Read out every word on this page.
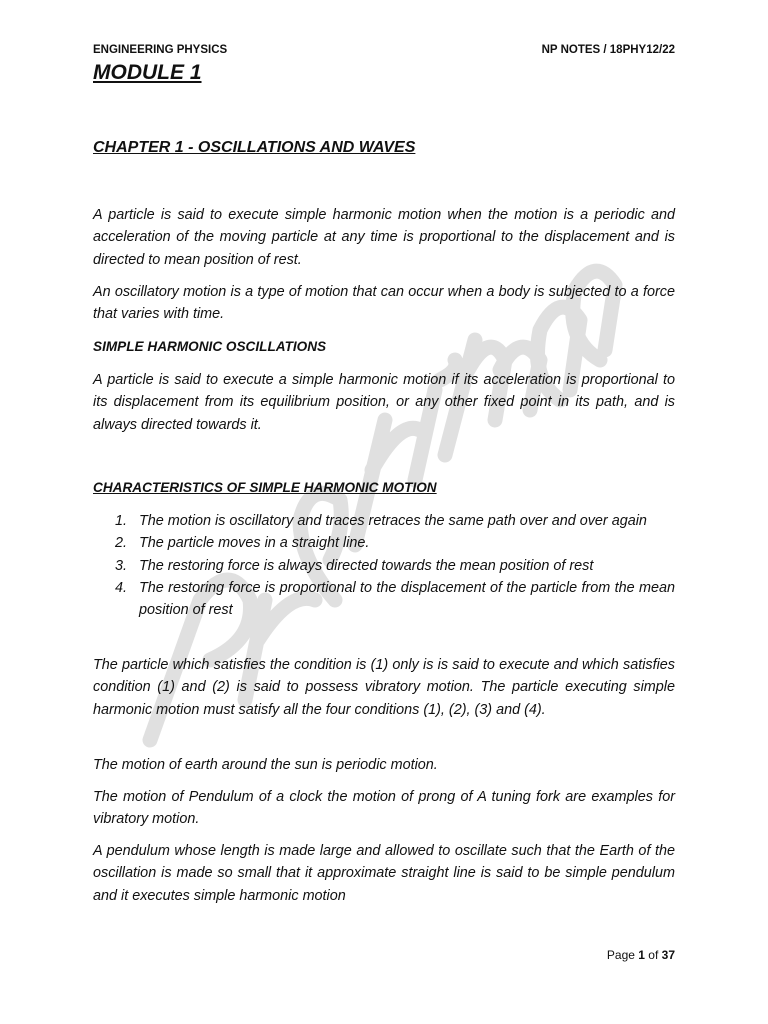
ENGINEERING PHYSICS	NP NOTES / 18PHY12/22
MODULE 1
CHAPTER 1 - OSCILLATIONS AND WAVES

A particle is said to execute simple harmonic motion when the motion is a periodic and acceleration of the moving particle at any time is proportional to the displacement and is directed to mean position of rest.

An oscillatory motion is a type of motion that can occur when a body is subjected to a force that varies with time.

SIMPLE HARMONIC OSCILLATIONS

A particle is said to execute a simple harmonic motion if its acceleration is proportional to its displacement from its equilibrium position, or any other fixed point in its path, and is always directed towards it.

CHARACTERISTICS OF SIMPLE HARMONIC MOTION
1. The motion is oscillatory and traces retraces the same path over and over again
2. The particle moves in a straight line.
3. The restoring force is always directed towards the mean position of rest
4. The restoring force is proportional to the displacement of the particle from the mean position of rest

The particle which satisfies the condition is (1) only is is said to execute and which satisfies condition (1) and (2) is said to possess vibratory motion. The particle executing simple harmonic motion must satisfy all the four conditions (1), (2), (3) and (4).

The motion of earth around the sun is periodic motion.

The motion of Pendulum of a clock the motion of prong of A tuning fork are examples for vibratory motion.

A pendulum whose length is made large and allowed to oscillate such that the Earth of the oscillation is made so small that it approximate straight line is said to be simple pendulum and it executes simple harmonic motion

Page 1 of 37
